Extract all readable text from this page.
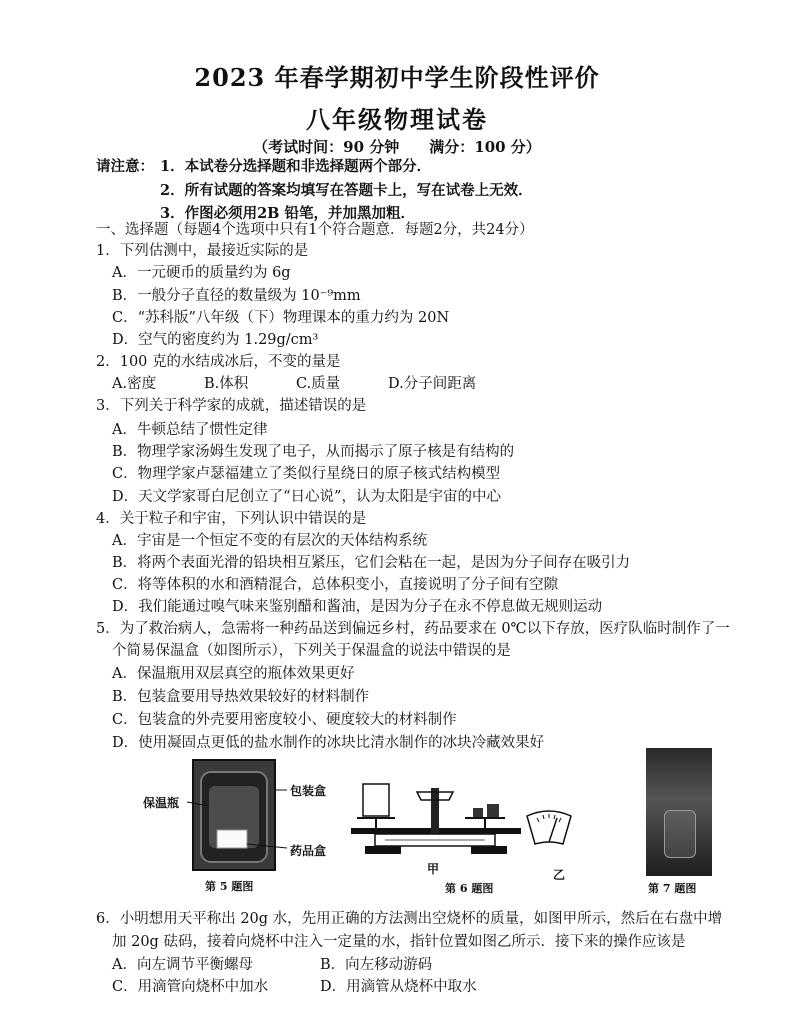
2023 年春学期初中学生阶段性评价
八年级物理试卷
（考试时间：90 分钟　　满分：100 分）
请注意： 1．本试卷分选择题和非选择题两个部分．
2．所有试题的答案均填写在答题卡上，写在试卷上无效．
3．作图必须用2B 铅笔，并加黑加粗．
一、选择题（每题4个选项中只有1个符合题意．每题2分，共24分）
1．下列估测中，最接近实际的是
A．一元硬币的质量约为 6g
B．一般分子直径的数量级为 10⁻⁹mm
C．“苏科版”八年级（下）物理课本的重力约为 20N
D．空气的密度约为 1.29g/cm³
2．100 克的水结成冰后，不变的量是
A.密度	B.体积	C.质量	D.分子间距离
3．下列关于科学家的成就，描述错误的是
A．牛顿总结了惯性定律
B．物理学家汤姆生发现了电子，从而揭示了原子核是有结构的
C．物理学家卢瑟福建立了类似行星绕日的原子核式结构模型
D．天文学家哥白尼创立了“日心说”，认为太阳是宇宙的中心
4．关于粒子和宇宙，下列认识中错误的是
A．宇宙是一个恒定不变的有层次的天体结构系统
B．将两个表面光滑的铅块相互紧压，它们会粘在一起，是因为分子间存在吸引力
C．将等体积的水和酒精混合，总体积变小，直接说明了分子间有空隙
D．我们能通过嗅气味来鉴别醋和酱油，是因为分子在永不停息做无规则运动
5．为了救治病人，急需将一种药品送到偏远乡村，药品要求在 0℃以下存放，医疗队临时制作了一
个简易保温盒（如图所示），下列关于保温盒的说法中错误的是
A．保温瓶用双层真空的瓶体效果更好
B．包装盒要用导热效果较好的材料制作
C．包装盒的外壳要用密度较小、硬度较大的材料制作
D．使用凝固点更低的盐水制作的冰块比清水制作的冰块冷藏效果好
保温瓶
包装盒
药品盒
第 5 题图
甲
第 6 题图
乙
第 7 题图
6．小明想用天平称出 20g 水，先用正确的方法测出空烧杯的质量，如图甲所示，然后在右盘中增
加 20g 砝码，接着向烧杯中注入一定量的水，指针位置如图乙所示．接下来的操作应该是
A．向左调节平衡螺母	B．向左移动游码
C．用滴管向烧杯中加水	D．用滴管从烧杯中取水
